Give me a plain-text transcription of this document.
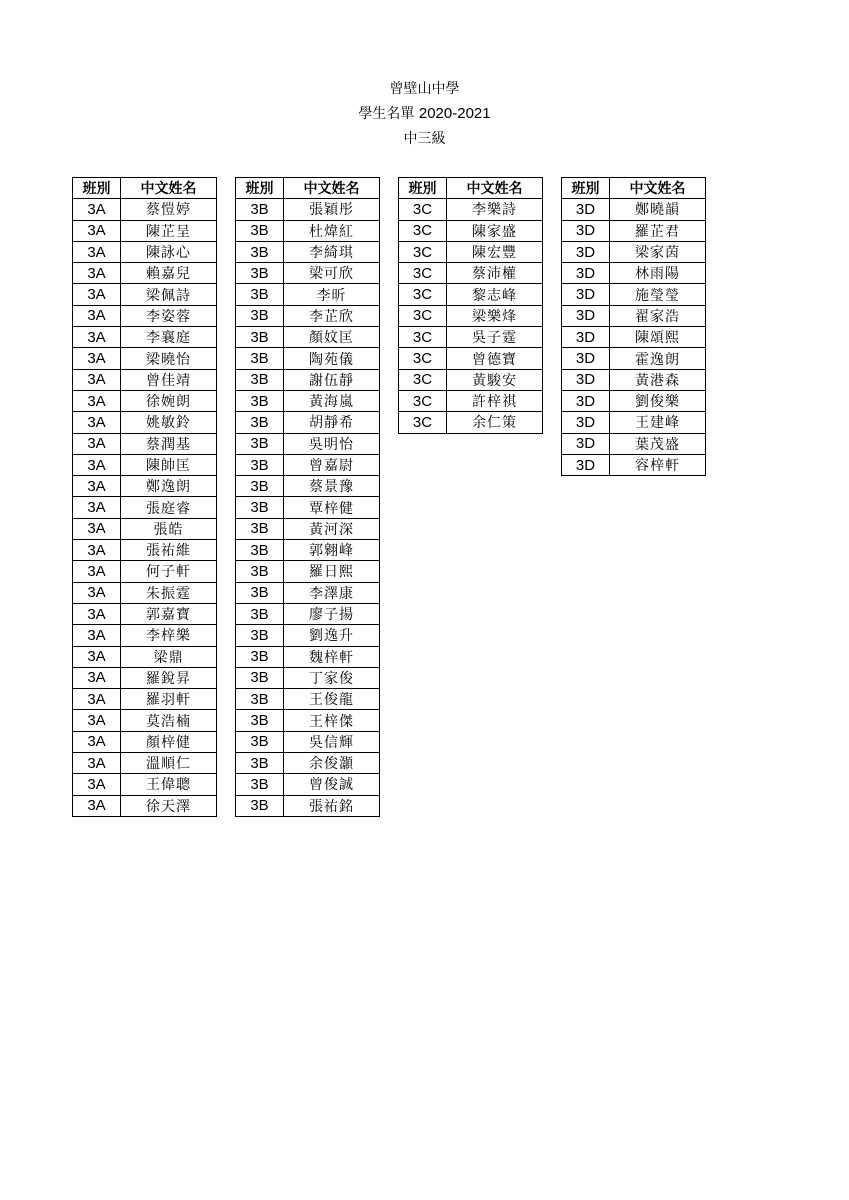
曾壁山中學
學生名單 2020-2021
中三級
班別	中文姓名
3A	蔡愷婷
3A	陳芷呈
3A	陳詠心
3A	賴嘉兒
3A	梁佩詩
3A	李姿蓉
3A	李襄庭
3A	梁曉怡
3A	曾佳靖
3A	徐婉朗
3A	姚敏鈴
3A	蔡潤基
3A	陳帥匡
3A	鄭逸朗
3A	張庭睿
3A	張皓
3A	張祐維
3A	何子軒
3A	朱振霆
3A	郭嘉寶
3A	李梓樂
3A	梁鼎
3A	羅銳昇
3A	羅羽軒
3A	莫浩楠
3A	顏梓健
3A	溫順仁
3A	王偉聰
3A	徐天澤
班別	中文姓名
3B	張穎彤
3B	杜煒紅
3B	李綺琪
3B	梁可欣
3B	李昕
3B	李芷欣
3B	顏妏匡
3B	陶苑儀
3B	謝伍靜
3B	黃海嵐
3B	胡靜希
3B	吳明怡
3B	曾嘉尉
3B	蔡景豫
3B	覃梓健
3B	黃河深
3B	郭翱峰
3B	羅日熙
3B	李澤康
3B	廖子揚
3B	劉逸升
3B	魏梓軒
3B	丁家俊
3B	王俊龍
3B	王梓傑
3B	吳信輝
3B	余俊灝
3B	曾俊誠
3B	張祐銘
班別	中文姓名
3C	李樂詩
3C	陳家盛
3C	陳宏豐
3C	蔡沛權
3C	黎志峰
3C	梁樂烽
3C	吳子霆
3C	曾德寶
3C	黃駿安
3C	許梓祺
3C	余仁策
班別	中文姓名
3D	鄭曉韻
3D	羅芷君
3D	梁家茵
3D	林雨陽
3D	施瑩瑩
3D	翟家浩
3D	陳頌熙
3D	霍逸朗
3D	黃港森
3D	劉俊樂
3D	王建峰
3D	葉茂盛
3D	容梓軒
